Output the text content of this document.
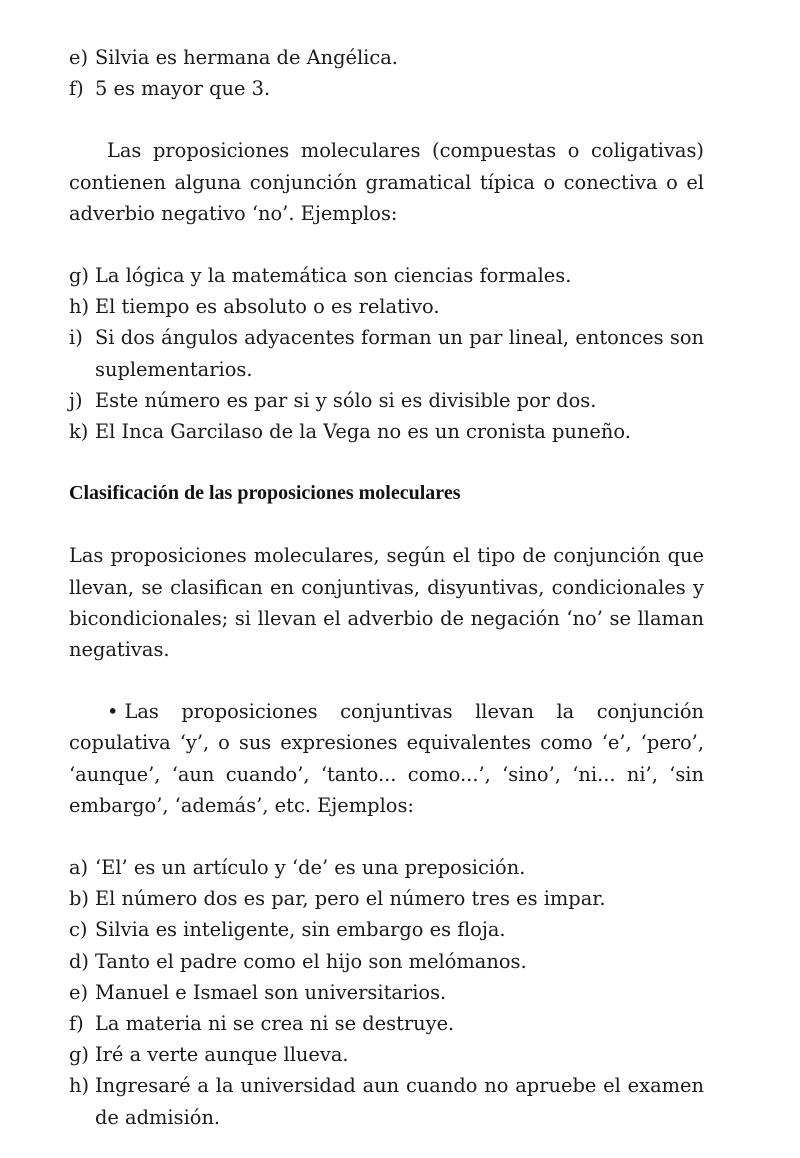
e) Silvia es hermana de Angélica.
f) 5 es mayor que 3.

Las proposiciones moleculares (compuestas o coligativas) contienen alguna conjunción gramatical típica o conectiva o el adverbio negativo ‘no’. Ejemplos:

g) La lógica y la matemática son ciencias formales.
h) El tiempo es absoluto o es relativo.
i) Si dos ángulos adyacentes forman un par lineal, entonces son suplementarios.
j) Este número es par si y sólo si es divisible por dos.
k) El Inca Garcilaso de la Vega no es un cronista puneño.
Clasificación de las proposiciones moleculares

Las proposiciones moleculares, según el tipo de conjunción que llevan, se clasifican en conjuntivas, disyuntivas, condicionales y bicondicionales; si llevan el adverbio de negación ‘no’ se llaman negativas.

• Las proposiciones conjuntivas llevan la conjunción copulativa ‘y’, o sus expresiones equivalentes como ‘e’, ‘pero’, ‘aunque’, ‘aun cuando’, ‘tanto... como...’, ‘sino’, ‘ni... ni’, ‘sin embargo’, ‘además’, etc. Ejemplos:

a) ‘El’ es un artículo y ‘de’ es una preposición.
b) El número dos es par, pero el número tres es impar.
c) Silvia es inteligente, sin embargo es floja.
d) Tanto el padre como el hijo son melómanos.
e) Manuel e Ismael son universitarios.
f) La materia ni se crea ni se destruye.
g) Iré a verte aunque llueva.
h) Ingresaré a la universidad aun cuando no apruebe el examen de admisión.
